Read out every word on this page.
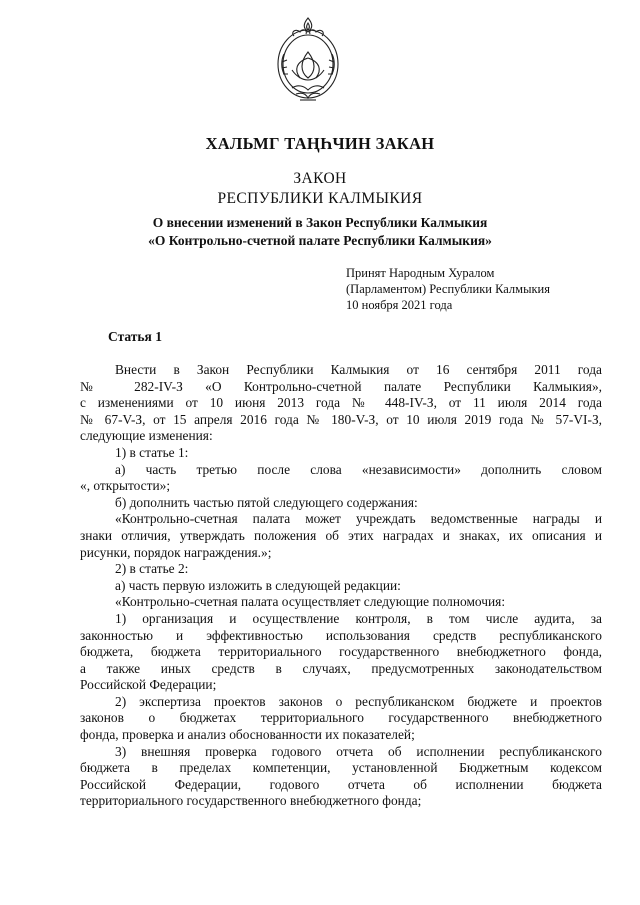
ХАЛЬМГ ТАҢҺЧИН ЗАКАН
ЗАКОН
РЕСПУБЛИКИ КАЛМЫКИЯ
О внесении изменений в Закон Республики Калмыкия
«О Контрольно-счетной палате Республики Калмыкия»
Принят Народным Хуралом
(Парламентом) Республики Калмыкия
10 ноября 2021 года
Статья 1

Внести в Закон Республики Калмыкия от 16 сентября 2011 года

№ 282-IV-З «О Контрольно-счетной палате Республики Калмыкия»,

с изменениями от 10 июня 2013 года № 448-IV-З, от 11 июля 2014 года

№ 67-V-З, от 15 апреля 2016 года № 180-V-З, от 10 июля 2019 года № 57-VI-З,

следующие изменения:

1) в статье 1:

а) часть третью после слова «независимости» дополнить словом

«, открытости»;

б) дополнить частью пятой следующего содержания:

«Контрольно-счетная палата может учреждать ведомственные награды и

знаки отличия, утверждать положения об этих наградах и знаках, их описания и

рисунки, порядок награждения.»;

2) в статье 2:

а) часть первую изложить в следующей редакции:

«Контрольно-счетная палата осуществляет следующие полномочия:

1) организация и осуществление контроля, в том числе аудита, за

законностью и эффективностью использования средств республиканского

бюджета, бюджета территориального государственного внебюджетного фонда,

а также иных средств в случаях, предусмотренных законодательством

Российской Федерации;

2) экспертиза проектов законов о республиканском бюджете и проектов

законов о бюджетах территориального государственного внебюджетного

фонда, проверка и анализ обоснованности их показателей;

3) внешняя проверка годового отчета об исполнении республиканского

бюджета в пределах компетенции, установленной Бюджетным кодексом

Российской Федерации, годового отчета об исполнении бюджета

территориального государственного внебюджетного фонда;
